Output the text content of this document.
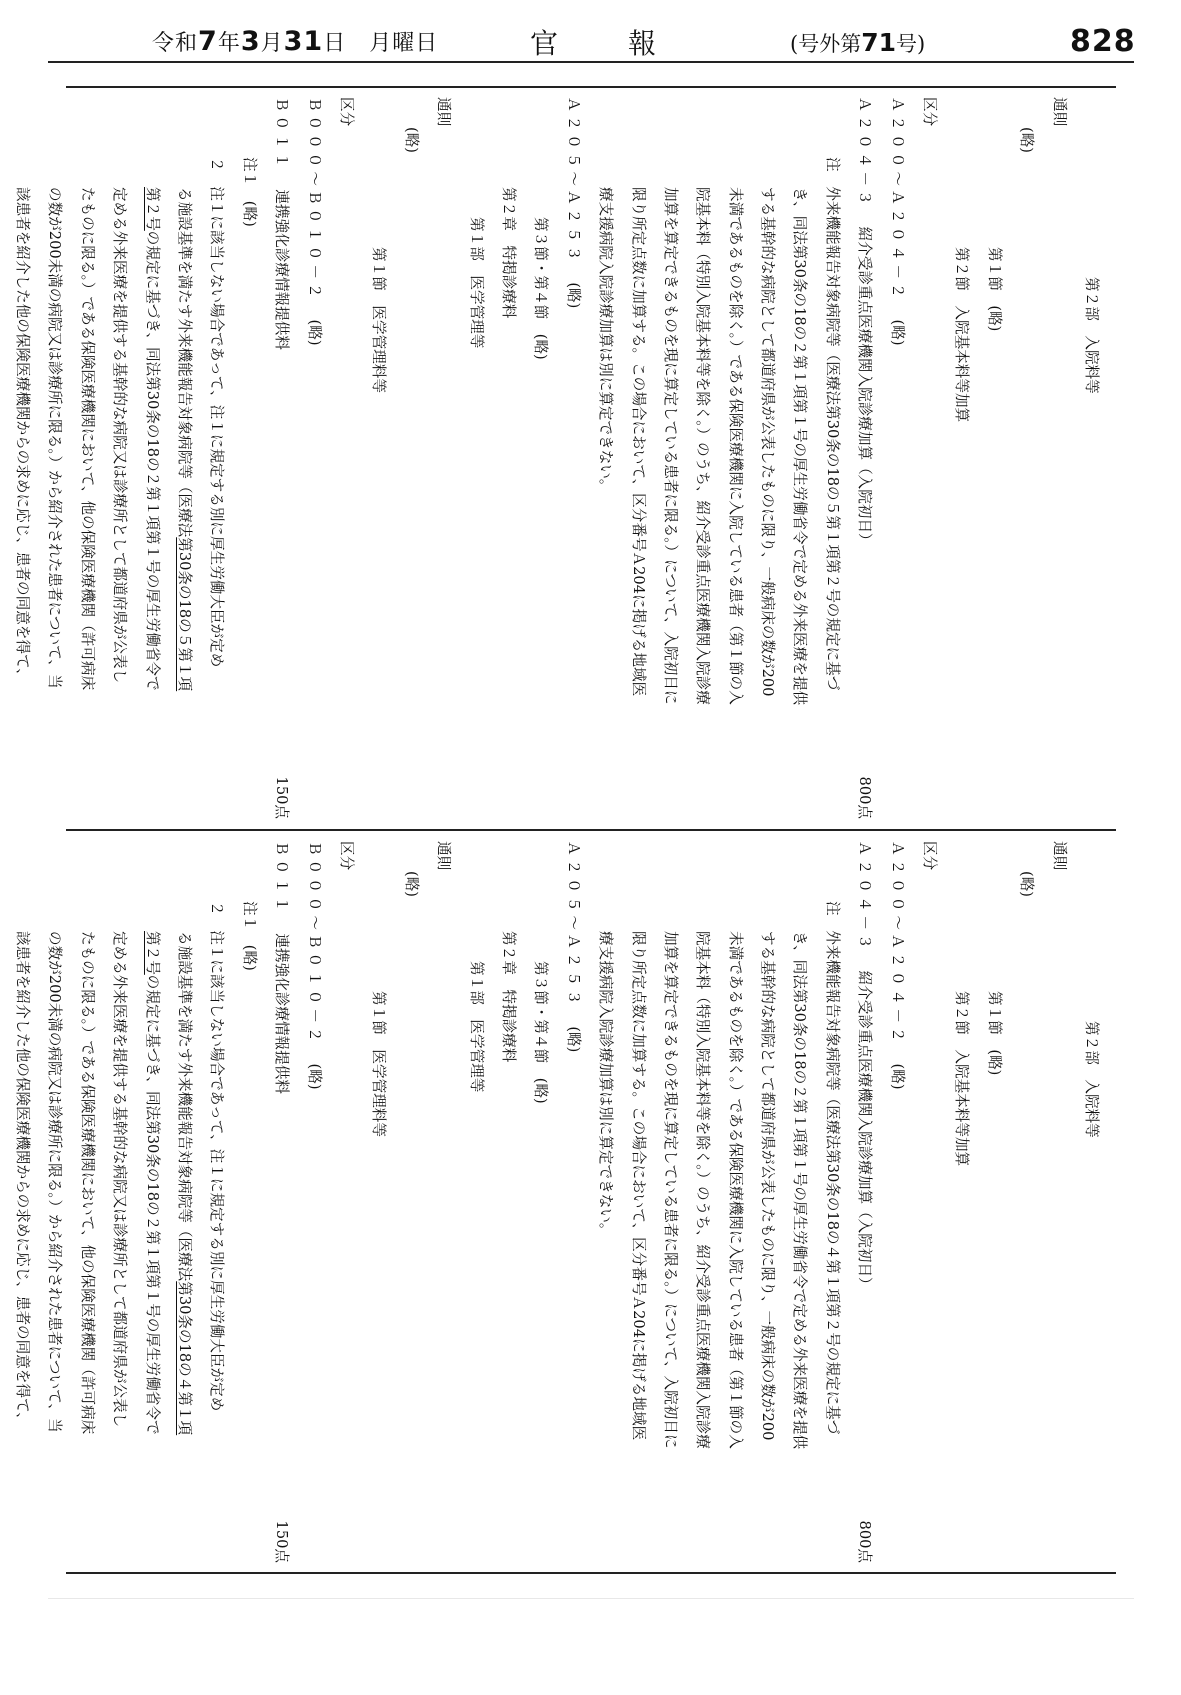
令和7年3月31日　 月曜日	官報	(号外第71号)	828
第２部　入院料等
通則
(略)
第１節　(略)
第２節　入院基本料等加算
区分
Ａ２００～Ａ２０４－２(略)
Ａ２０４－３紹介受診重点医療機関入院診療加算（入院初日）
800点
注　外来機能報告対象病院等（医療法第30条の18の５第１項第２号の規定に基づ
き、同法第30条の18の２第１項第１号の厚生労働省令で定める外来医療を提供
する基幹的な病院として都道府県が公表したものに限り、一般病床の数が200
未満であるものを除く。）である保険医療機関に入院している患者（第１節の入
院基本料（特別入院基本料等を除く。）のうち、紹介受診重点医療機関入院診療
加算を算定できるものを現に算定している患者に限る。）について、入院初日に
限り所定点数に加算する。この場合において、区分番号Ａ204に掲げる地域医
療支援病院入院診療加算は別に算定できない。
Ａ２０５～Ａ２５３(略)
第３節・第４節　(略)
第２章　特掲診療料
第１部　医学管理等
通則
(略)
第１節　医学管理料等
区分
Ｂ０００～Ｂ０１０－２(略)
Ｂ０１１連携強化診療情報提供料
150点
注１　(略)
２　注１に該当しない場合であって、注１に規定する別に厚生労働大臣が定め
る施設基準を満たす外来機能報告対象病院等（医療法第30条の18の５第１項
第２号の規定に基づき、同法第30条の18の２第１項第１号の厚生労働省令で
定める外来医療を提供する基幹的な病院又は診療所として都道府県が公表し
たものに限る。）である保険医療機関において、他の保険医療機関（許可病床
の数が200未満の病院又は診療所に限る。）から紹介された患者について、当
該患者を紹介した他の保険医療機関からの求めに応じ、患者の同意を得て、
第２部　入院料等
通則
(略)
第１節　(略)
第２節　入院基本料等加算
区分
Ａ２００～Ａ２０４－２(略)
Ａ２０４－３紹介受診重点医療機関入院診療加算（入院初日）
800点
注　外来機能報告対象病院等（医療法第30条の18の４第１項第２号の規定に基づ
き、同法第30条の18の２第１項第１号の厚生労働省令で定める外来医療を提供
する基幹的な病院として都道府県が公表したものに限り、一般病床の数が200
未満であるものを除く。）である保険医療機関に入院している患者（第１節の入
院基本料（特別入院基本料等を除く。）のうち、紹介受診重点医療機関入院診療
加算を算定できるものを現に算定している患者に限る。）について、入院初日に
限り所定点数に加算する。この場合において、区分番号Ａ204に掲げる地域医
療支援病院入院診療加算は別に算定できない。
Ａ２０５～Ａ２５３(略)
第３節・第４節　(略)
第２章　特掲診療料
第１部　医学管理等
通則
(略)
第１節　医学管理料等
区分
Ｂ０００～Ｂ０１０－２(略)
Ｂ０１１連携強化診療情報提供料
150点
注１　(略)
２　注１に該当しない場合であって、注１に規定する別に厚生労働大臣が定め
る施設基準を満たす外来機能報告対象病院等（医療法第30条の18の４第１項
第２号の規定に基づき、同法第30条の18の２第１項第１号の厚生労働省令で
定める外来医療を提供する基幹的な病院又は診療所として都道府県が公表し
たものに限る。）である保険医療機関において、他の保険医療機関（許可病床
の数が200未満の病院又は診療所に限る。）から紹介された患者について、当
該患者を紹介した他の保険医療機関からの求めに応じ、患者の同意を得て、
